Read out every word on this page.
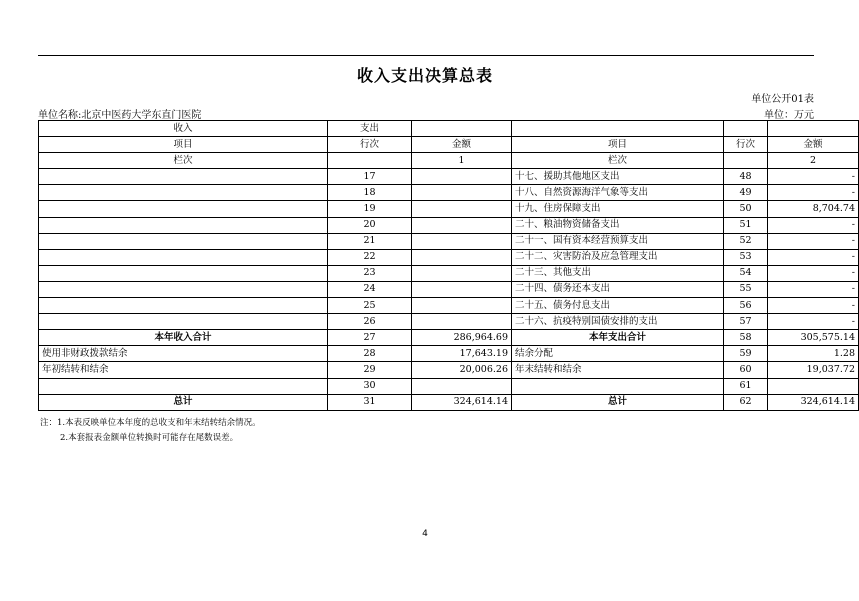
收入支出决算总表
单位公开01表
单位名称:北京中医药大学东直门医院	单位：万元
收入	支出				
项目	行次	金额	项目	行次	金额
栏次		1	栏次		2
	17		十七、援助其他地区支出	48	-
	18		十八、自然资源海洋气象等支出	49	-
	19		十九、住房保障支出	50	8,704.74
	20		二十、粮油物资储备支出	51	-
	21		二十一、国有资本经营预算支出	52	-
	22		二十二、灾害防治及应急管理支出	53	-
	23		二十三、其他支出	54	-
	24		二十四、债务还本支出	55	-
	25		二十五、债务付息支出	56	-
	26		二十六、抗疫特别国债安排的支出	57	-
本年收入合计	27	286,964.69	本年支出合计	58	305,575.14
使用非财政拨款结余	28	17,643.19	结余分配	59	1.28
年初结转和结余	29	20,006.26	年末结转和结余	60	19,037.72
	30			61	
总计	31	324,614.14	总计	62	324,614.14
注：1.本表反映单位本年度的总收支和年末结转结余情况。
2.本套报表金额单位转换时可能存在尾数误差。
4
